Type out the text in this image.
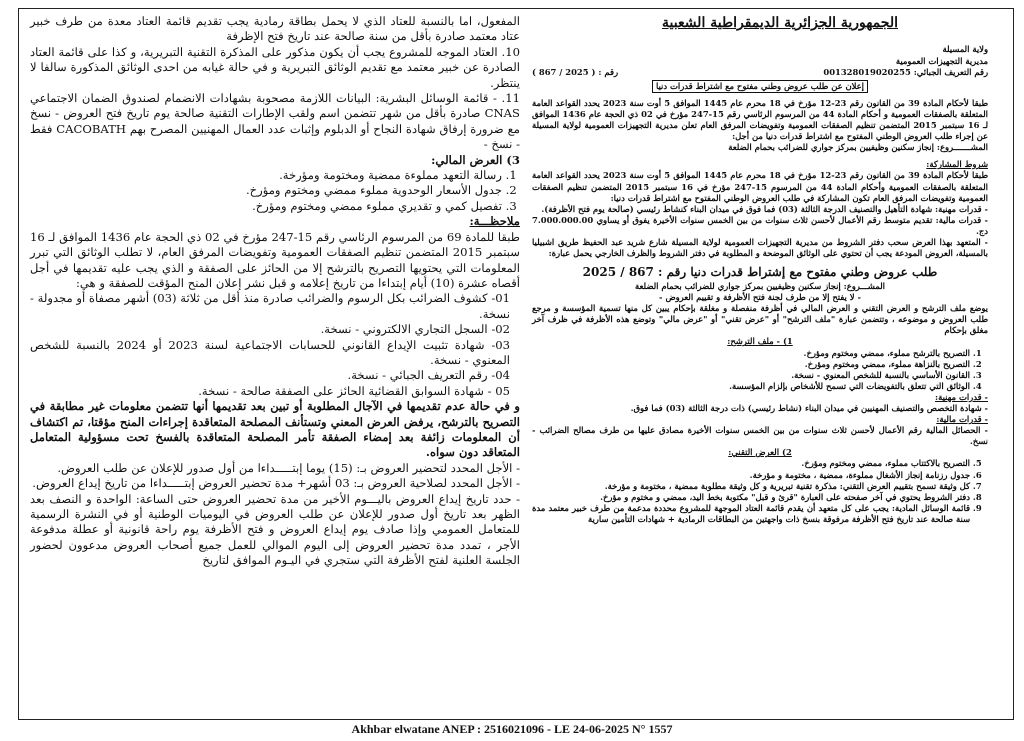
الجمهورية الجزائرية الديمقراطية الشعبية

ولاية المسيلة

مديرية التجهيزات العمومية

رقم التعريف الجبائي: 001328019020255
رقم : ( 2025 / 867 )
إعلان عن طلب عروض وطني مفتوح مع اشتراط قدرات دنيا

طبقا لأحكام المادة 39 من القانون رقم 23-12 مؤرخ في 18 محرم عام 1445 الموافق 5 أوت سنة 2023 يحدد القواعد العامة المتعلقة بالصفقات العمومية و أحكام المادة 44 من المرسوم الرئاسي رقم 15-247 مؤرخ في 02 ذي الحجة عام 1436 الموافق لـ 16 سبتمبر 2015 المتضمن تنظيم الصفقات العمومية وتفويضات المرفق العام تعلن مديرية التجهيزات العمومية لولاية المسيلة عن إجراء طلب العروض الوطني المفتوح مع اشتراط قدرات دنيا من أجل:

المشـــــــروع: إنجاز سكنين وظيفيين بمركز جواري للضرائب بحمام الضلعة

شروط المشاركة:

طبقا لأحكام المادة 39 من القانون رقم 23-12 مؤرخ في 18 محرم عام 1445 الموافق 5 أوت سنة 2023 يحدد القواعد العامة المتعلقة بالصفقات العمومية وأحكام المادة 44 من المرسوم 15-247 مؤرخ في 16 سبتمبر 2015 المتضمن تنظيم الصفقات العمومية وتفويضات المرفق العام تكون المشاركة في طلب العروض الوطني المفتوح مع اشتراط قدرات دنيا:

- قدرات مهنية: شهادة التأهيل والتصنيف الدرجة الثالثة (03) فما فوق في ميدان البناء كنشاط رئيسي (صالحة يوم فتح الأظرفة).

- قدرات مالية: تقديم متوسط رقم الأعمال لأحسن ثلاث سنوات من بين الخمس سنوات الأخيرة يفوق أو يساوي 7.000.000.00 دج.

- المتعهد بهذا العرض سحب دفتر الشروط من مديرية التجهيزات العمومية لولاية المسيلة شارع شريد عبد الحفيظ طريق اشبيليا بالمسيلة، العروض المودعة يجب أن تحتوي على الوثائق الموضحة و المطلوبة في دفتر الشروط والظرف الخارجي يحمل عبارة:

طلب عروض وطني مفتوح مع إشتراط قدرات دنيا رقم : 867 / 2025

المشـــروع: إنجاز سكنين وظيفيين بمركز جواري للضرائب بحمام الضلعة

- لا يفتح إلا من طرف لجنة فتح الأظرفة و تقييم العروض -

يوضع ملف الترشح و العرض التقني و العرض المالي في أظرفة منفصلة و مغلقة بإحكام يبين كل منها تسمية المؤسسة و مرجع طلب العروض و موضوعه ، وتتضمن عبارة "ملف الترشح" أو "عرض تقني" أو "عرض مالي" وتوضع هذه الأظرفة في ظرف آخر مغلق بإحكام

1) - ملف الترشح:

1. التصريح بالترشح مملوء، ممضي ومختوم ومؤرخ.
2. التصريح بالنزاهة مملوء، ممضي ومختوم ومؤرخ.
3. القانون الأساسي بالنسبة للشخص المعنوي - نسخة.
4. الوثائق التي تتعلق بالتفويضات التي تسمح للأشخاص بإلزام المؤسسة.

- قدرات مهنية:

- شهادة التخصص والتصنيف المهنيين في ميدان البناء (نشاط رئيسي) ذات درجة الثالثة (03) فما فوق.

- قدرات مالية:

- الحصائل المالية رقم الأعمال لأحسن ثلاث سنوات من بين الخمس سنوات الأخيرة مصادق عليها من طرف مصالح الضرائب - نسخ.

2) العرض التقني:

5. التصريح بالاكتتاب مملوء، ممضي ومختوم ومؤرخ.
6. جدول رزنامة إنجاز الأشغال مملوءة، ممضية ، مختومة و مؤرخة.
7. كل وثيقة تسمح بتقييم العرض التقني: مذكرة تقنية تبريرية و كل وثيقة مطلوبة ممضية ، مختومة و مؤرخة.
8. دفتر الشروط يحتوي في آخر صفحته على العبارة "قرئ و قبل" مكتوبة بخط اليد، ممضي و مختوم و مؤرخ.
9. قائمة الوسائل المادية: يجب على كل متعهد أن يقدم قائمة العتاد الموجهة للمشروع محددة مدعمة من طرف خبير معتمد مدة سنة صالحة عند تاريخ فتح الأظرفة مرفوقة بنسخ ذات واجهتين من البطاقات الرمادية + شهادات التأمين سارية

المفعول، اما بالنسبة للعتاد الذي لا يحمل بطاقة رمادية يجب تقديم قائمة العتاد معدة من طرف خبير عتاد معتمد صادرة بأقل من سنة صالحة عند تاريخ فتح الإظرفة

10. العتاد الموجه للمشروع يجب أن يكون مذكور على المذكرة التقنية التبريرية، و كذا على قائمة العتاد الصادرة عن خبير معتمد مع تقديم الوثائق التبريرية و في حالة غيابه من احدى الوثائق المذكورة سالفا لا ينتظر.

11. - قائمة الوسائل البشرية: البيانات اللازمة مصحوبة بشهادات الانضمام لصندوق الضمان الاجتماعي CNAS صادرة بأقل من شهر تتضمن اسم ولقب الإطارات التقنية صالحة يوم تاريخ فتح العروض - نسخ مع ضرورة إرفاق شهادة النجاح أو الدبلوم وإثبات عدد العمال المهنيين المصرح بهم CACOBATH فقط - نسخ -

3) العرض المالي:

1. رسالة التعهد مملوءة ممضية ومختومة ومؤرخة.
2. جدول الأسعار الوحدوية مملوء ممضي ومختوم ومؤرخ.
3. تفصيل كمي و تقديري مملوء ممضي ومختوم ومؤرخ.

ملاحظـــة:

طبقا للمادة 69 من المرسوم الرئاسي رقم 15-247 مؤرخ في 02 ذي الحجة عام 1436 الموافق لـ 16 سبتمبر 2015 المتضمن تنظيم الصفقات العمومية وتفويضات المرفق العام، لا تطلب الوثائق التي تبرر المعلومات التي يحتويها التصريح بالترشح إلا من الحائز على الصفقة و الذي يجب عليه تقديمها في أجل أقصاه عشرة (10) أيام إبتداءا من تاريخ إعلامه و قبل نشر إعلان المنح المؤقت للصفقة و هي:

01- كشوف الضرائب بكل الرسوم والضرائب صادرة منذ أقل من ثلاثة (03) أشهر مصفاة أو مجدولة - نسخة.

02- السجل التجاري الالكتروني - نسخة.

03- شهادة تثبيت الإيداع القانوني للحسابات الاجتماعية لسنة 2023 أو 2024 بالنسبة للشخص المعنوي - نسخة.

04- رقم التعريف الجبائي - نسخة.

05 - شهادة السوابق القضائية الحائز على الصفقة صالحة - نسخة.

و في حالة عدم تقديمها في الآجال المطلوبة أو تبين بعد تقديمها أنها تتضمن معلومات غير مطابقة في التصريح بالترشح، يرفض العرض المعني وتستأنف المصلحة المتعاقدة إجراءات المنح مؤقتا، تم اكتشاف أن المعلومات زائفة بعد إمضاء الصفقة تأمر المصلحة المتعاقدة بالفسخ تحت مسؤولية المتعامل المتعاقد دون سواه.

- الأجل المحدد لتحضير العروض بـ: (15) يوما إبتـــــداءا من أول صدور للإعلان عن طلب العروض.

- الأجل المحدد لصلاحية العروض بـ: 03 أشهر+ مدة تحضير العروض إبتـــــداءا من تاريخ إيداع العروض.

- حدد تاريخ إيداع العروض باليـــوم الأخير من مدة تحضير العروض حتى الساعة: الواحدة و النصف بعد الظهر بعد تاريخ أول صدور للإعلان عن طلب العروض في اليوميات الوطنية أو في النشرة الرسمية للمتعامل العمومي وإذا صادف يوم إيداع العروض و فتح الأظرفة يوم راحة قانونية أو عطلة مدفوعة الأجر ، تمدد مدة تحضير العروض إلى اليوم الموالي للعمل جميع أصحاب العروض مدعوون لحضور الجلسة العلنية لفتح الأظرفة التي ستجري في اليـوم الموافق لتاريخ

Akhbar elwatane ANEP : 2516021096 - LE 24-06-2025 N° 1557
